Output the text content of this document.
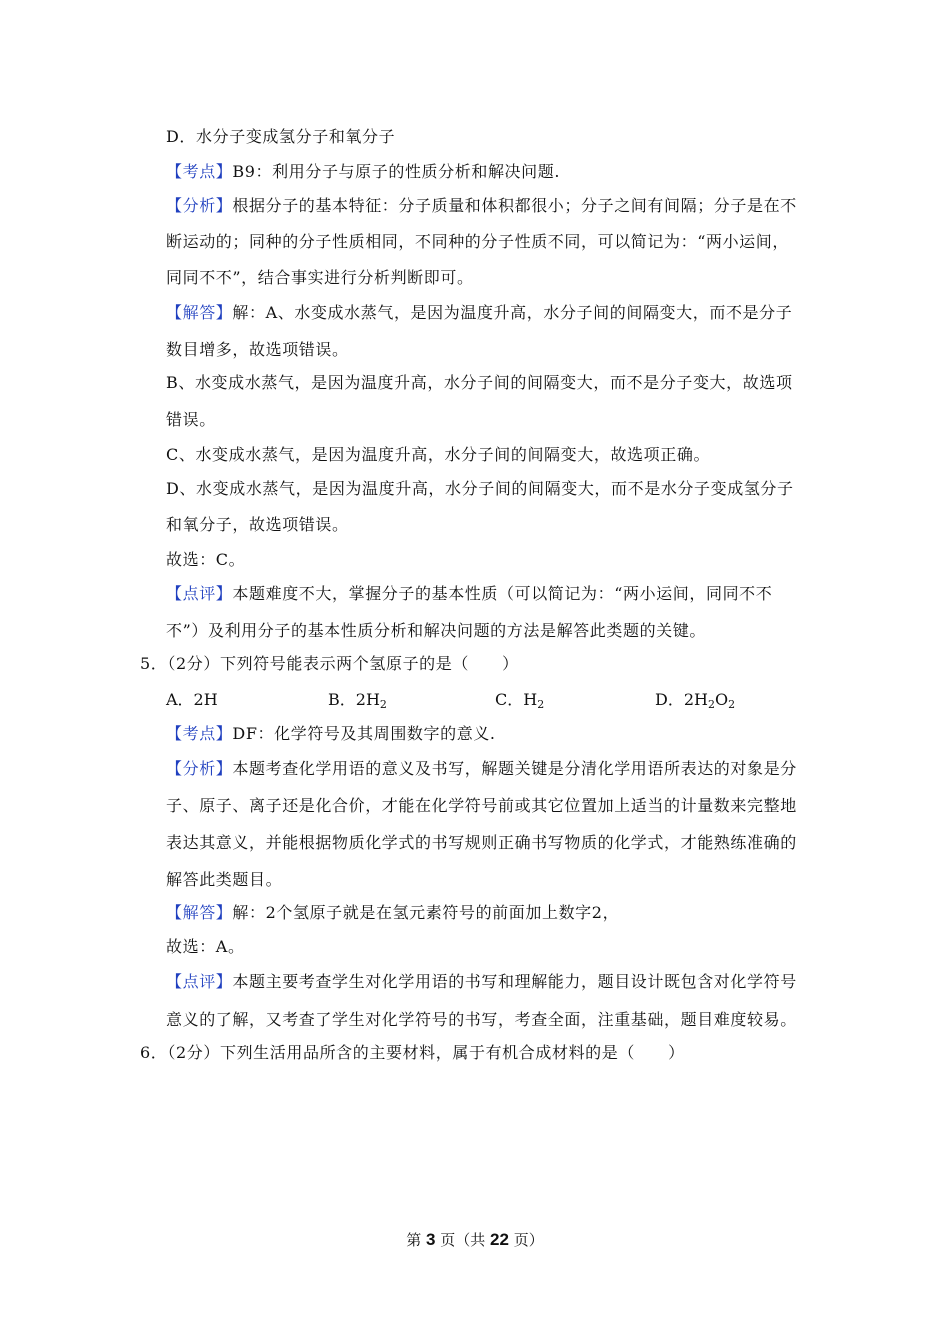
D．水分子变成氢分子和氧分子
【考点】B9：利用分子与原子的性质分析和解决问题.
【分析】根据分子的基本特征：分子质量和体积都很小；分子之间有间隔；分子是在不
断运动的；同种的分子性质相同，不同种的分子性质不同，可以简记为：“两小运间，
同同不不”，结合事实进行分析判断即可。
【解答】解：A、水变成水蒸气，是因为温度升高，水分子间的间隔变大，而不是分子
数目增多，故选项错误。
B、水变成水蒸气，是因为温度升高，水分子间的间隔变大，而不是分子变大，故选项
错误。
C、水变成水蒸气，是因为温度升高，水分子间的间隔变大，故选项正确。
D、水变成水蒸气，是因为温度升高，水分子间的间隔变大，而不是水分子变成氢分子
和氧分子，故选项错误。
故选：C。
【点评】本题难度不大，掌握分子的基本性质（可以简记为：“两小运间，同同不不
不”）及利用分子的基本性质分析和解决问题的方法是解答此类题的关键。
5．（2分）下列符号能表示两个氢原子的是（　　）
A．2H	B．$2H_2$	C．$H_2$	D．$2H_2O_2$
【考点】DF：化学符号及其周围数字的意义.
【分析】本题考查化学用语的意义及书写，解题关键是分清化学用语所表达的对象是分
子、原子、离子还是化合价，才能在化学符号前或其它位置加上适当的计量数来完整地
表达其意义，并能根据物质化学式的书写规则正确书写物质的化学式，才能熟练准确的
解答此类题目。
【解答】解：2个氢原子就是在氢元素符号的前面加上数字2，
故选：A。
【点评】本题主要考查学生对化学用语的书写和理解能力，题目设计既包含对化学符号
意义的了解，又考查了学生对化学符号的书写，考查全面，注重基础，题目难度较易。
6．（2分）下列生活用品所含的主要材料，属于有机合成材料的是（　　）
第 3 页（共 22 页）
